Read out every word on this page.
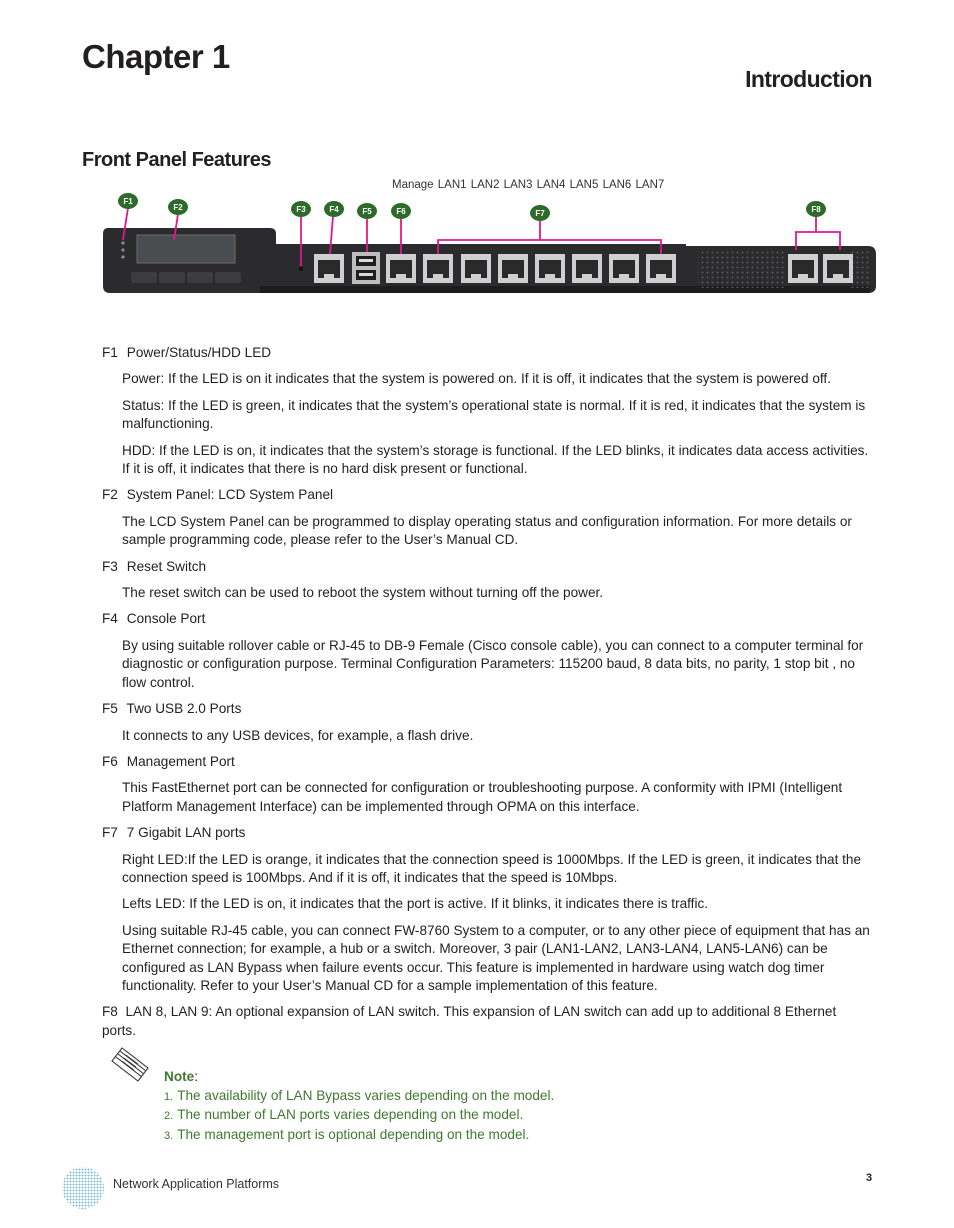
Chapter 1
Introduction
Front Panel Features
Manage LAN1 LAN2 LAN3 LAN4 LAN5 LAN6 LAN7
F1
F2	F3	F4	F5	F6	F7	F8

F1 Power/Status/HDD LED

Power: If the LED is on it indicates that the system is powered on. If it is off, it indicates that the system is powered off.

Status: If the LED is green, it indicates that the system’s operational state is normal. If it is red, it indicates that the system is malfunctioning.

HDD: If the LED is on, it indicates that the system’s storage is functional. If the LED blinks, it indicates data access activities. If it is off, it indicates that there is no hard disk present or functional.

F2 System Panel: LCD System Panel

The LCD System Panel can be programmed to display operating status and configuration information. For more details or sample programming code, please refer to the User’s Manual CD.

F3 Reset Switch

The reset switch can be used to reboot the system without turning off the power.

F4 Console Port

By using suitable rollover cable or RJ-45 to DB-9 Female (Cisco console cable), you can connect to a computer terminal for diagnostic or configuration purpose. Terminal Configuration Parameters: 115200 baud, 8 data bits, no parity, 1 stop bit , no flow control.

F5 Two USB 2.0 Ports

It connects to any USB devices, for example, a flash drive.

F6 Management Port

This FastEthernet port can be connected for configuration or troubleshooting purpose. A conformity with IPMI (Intelligent Platform Management Interface) can be implemented through OPMA on this interface.

F7 7 Gigabit LAN ports

Right LED:If the LED is orange, it indicates that the connection speed is 1000Mbps. If the LED is green, it indicates that the connection speed is 100Mbps. And if it is off, it indicates that the speed is 10Mbps.

Lefts LED: If the LED is on, it indicates that the port is active. If it blinks, it indicates there is traffic.

Using suitable RJ-45 cable, you can connect FW-8760 System to a computer, or to any other piece of equipment that has an Ethernet connection; for example, a hub or a switch. Moreover, 3 pair (LAN1-LAN2, LAN3-LAN4, LAN5-LAN6) can be configured as LAN Bypass when failure events occur. This feature is implemented in hardware using watch dog timer functionality. Refer to your User’s Manual CD for a sample implementation of this feature.

F8 LAN 8, LAN 9: An optional expansion of LAN switch. This expansion of LAN switch can add up to additional 8 Ethernet ports.

Note:
1. The availability of LAN Bypass varies depending on the model.
2. The number of LAN ports varies depending on the model.
3. The management port is optional depending on the model.
Network Application Platforms	3
